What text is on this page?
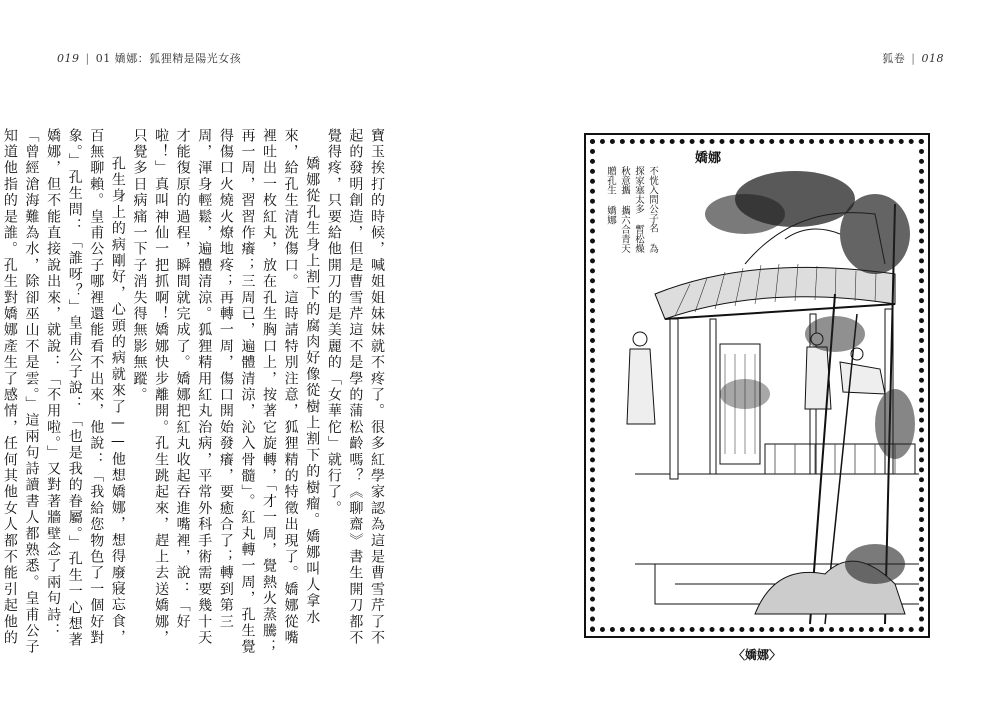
019 | 01 嬌娜：狐狸精是陽光女孩	狐卷 | 018

寶玉挨打的時候，喊姐姐妹妹就不疼了。很多紅學家認為這是曹雪芹了不起的發明創造，但是曹雪芹這不是學的蒲松齡嗎？《聊齋》書生開刀都不覺得疼，只要給他開刀的是美麗的「女華佗」就行了。

嬌娜從孔生身上割下的腐肉好像從樹上割下的樹瘤。嬌娜叫人拿水來，給孔生清洗傷口。這時請特別注意，狐狸精的特徵出現了。嬌娜從嘴裡吐出一枚紅丸，放在孔生胸口上，按著它旋轉，「才一周，覺熱火蒸騰；再一周，習習作癢；三周已，遍體清涼，沁入骨髓」。紅丸轉一周，孔生覺得傷口火燒火燎地疼；再轉一周，傷口開始發癢，要癒合了；轉到第三周，渾身輕鬆，遍體清涼。狐狸精用紅丸治病，平常外科手術需要幾十天才能復原的過程，瞬間就完成了。嬌娜把紅丸收起吞進嘴裡，說：「好啦！」真叫神仙一把抓啊！嬌娜快步離開。孔生跳起來，趕上去送嬌娜，只覺多日病痛一下子消失得無影無蹤。

孔生身上的病剛好，心頭的病就來了——他想嬌娜，想得廢寢忘食，百無聊賴。皇甫公子哪裡還能看不出來，他說：「我給您物色了一個好對象。」孔生問：「誰呀？」皇甫公子說：「也是我的眷屬。」孔生一心想著嬌娜，但不能直接說出來，就說：「不用啦。」又對著牆壁念了兩句詩：「曾經滄海難為水，除卻巫山不是雲。」這兩句詩讀書人都熟悉。皇甫公子知道他指的是誰。孔生對嬌娜產生了感情，任何其他女人都不能引起他的

嬌娜
不恍入問公子名 為探家塞太多 暫松燥秋意攜 攜六合青天 贈孔生 嬌娜
〈嬌娜〉
